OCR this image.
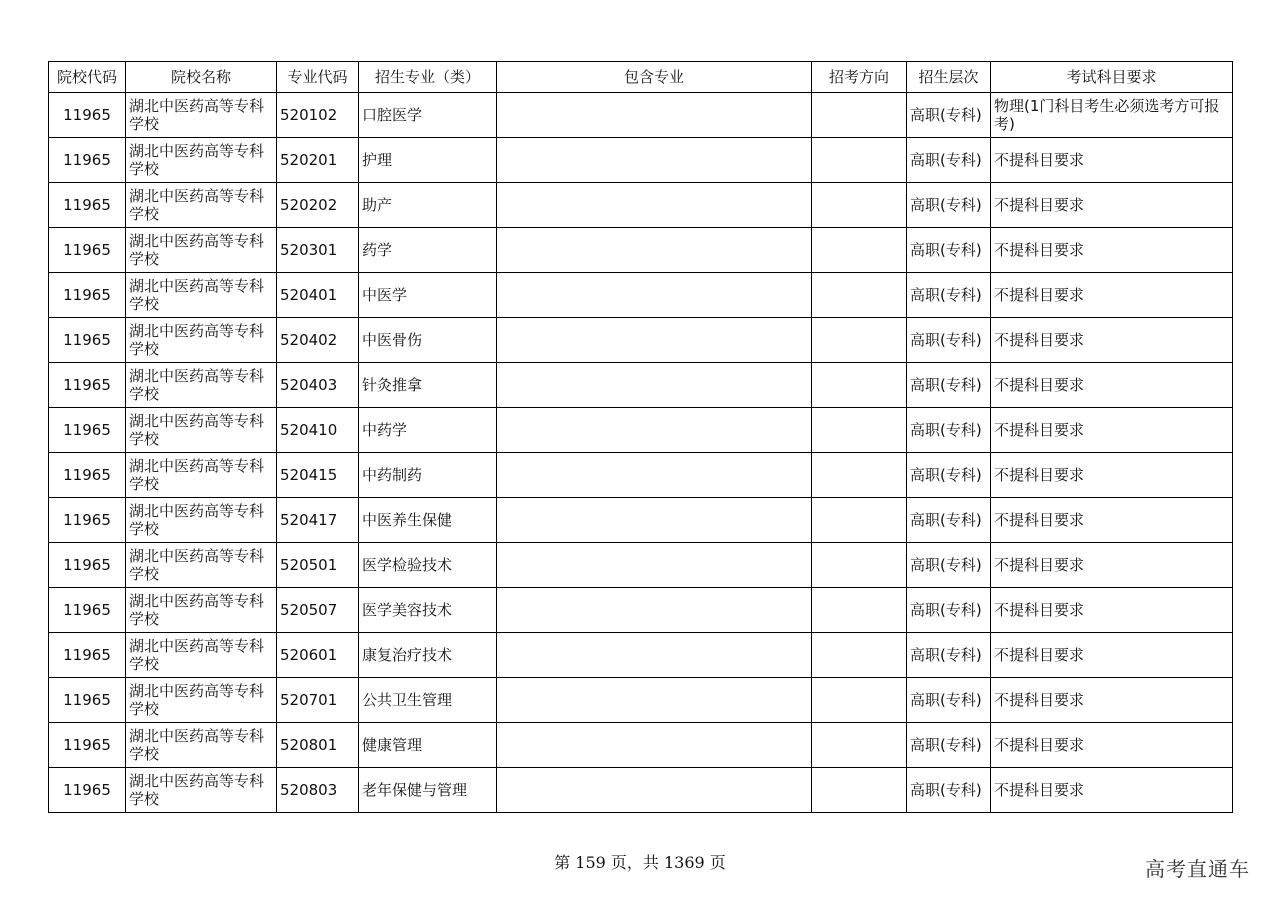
院校代码	院校名称	专业代码	招生专业（类）	包含专业	招考方向	招生层次	考试科目要求
11965	湖北中医药高等专科学校	520102	口腔医学			高职(专科)	物理(1门科目考生必须选考方可报考)
11965	湖北中医药高等专科学校	520201	护理			高职(专科)	不提科目要求
11965	湖北中医药高等专科学校	520202	助产			高职(专科)	不提科目要求
11965	湖北中医药高等专科学校	520301	药学			高职(专科)	不提科目要求
11965	湖北中医药高等专科学校	520401	中医学			高职(专科)	不提科目要求
11965	湖北中医药高等专科学校	520402	中医骨伤			高职(专科)	不提科目要求
11965	湖北中医药高等专科学校	520403	针灸推拿			高职(专科)	不提科目要求
11965	湖北中医药高等专科学校	520410	中药学			高职(专科)	不提科目要求
11965	湖北中医药高等专科学校	520415	中药制药			高职(专科)	不提科目要求
11965	湖北中医药高等专科学校	520417	中医养生保健			高职(专科)	不提科目要求
11965	湖北中医药高等专科学校	520501	医学检验技术			高职(专科)	不提科目要求
11965	湖北中医药高等专科学校	520507	医学美容技术			高职(专科)	不提科目要求
11965	湖北中医药高等专科学校	520601	康复治疗技术			高职(专科)	不提科目要求
11965	湖北中医药高等专科学校	520701	公共卫生管理			高职(专科)	不提科目要求
11965	湖北中医药高等专科学校	520801	健康管理			高职(专科)	不提科目要求
11965	湖北中医药高等专科学校	520803	老年保健与管理			高职(专科)	不提科目要求
第 159 页，共 1369 页	高考直通车
